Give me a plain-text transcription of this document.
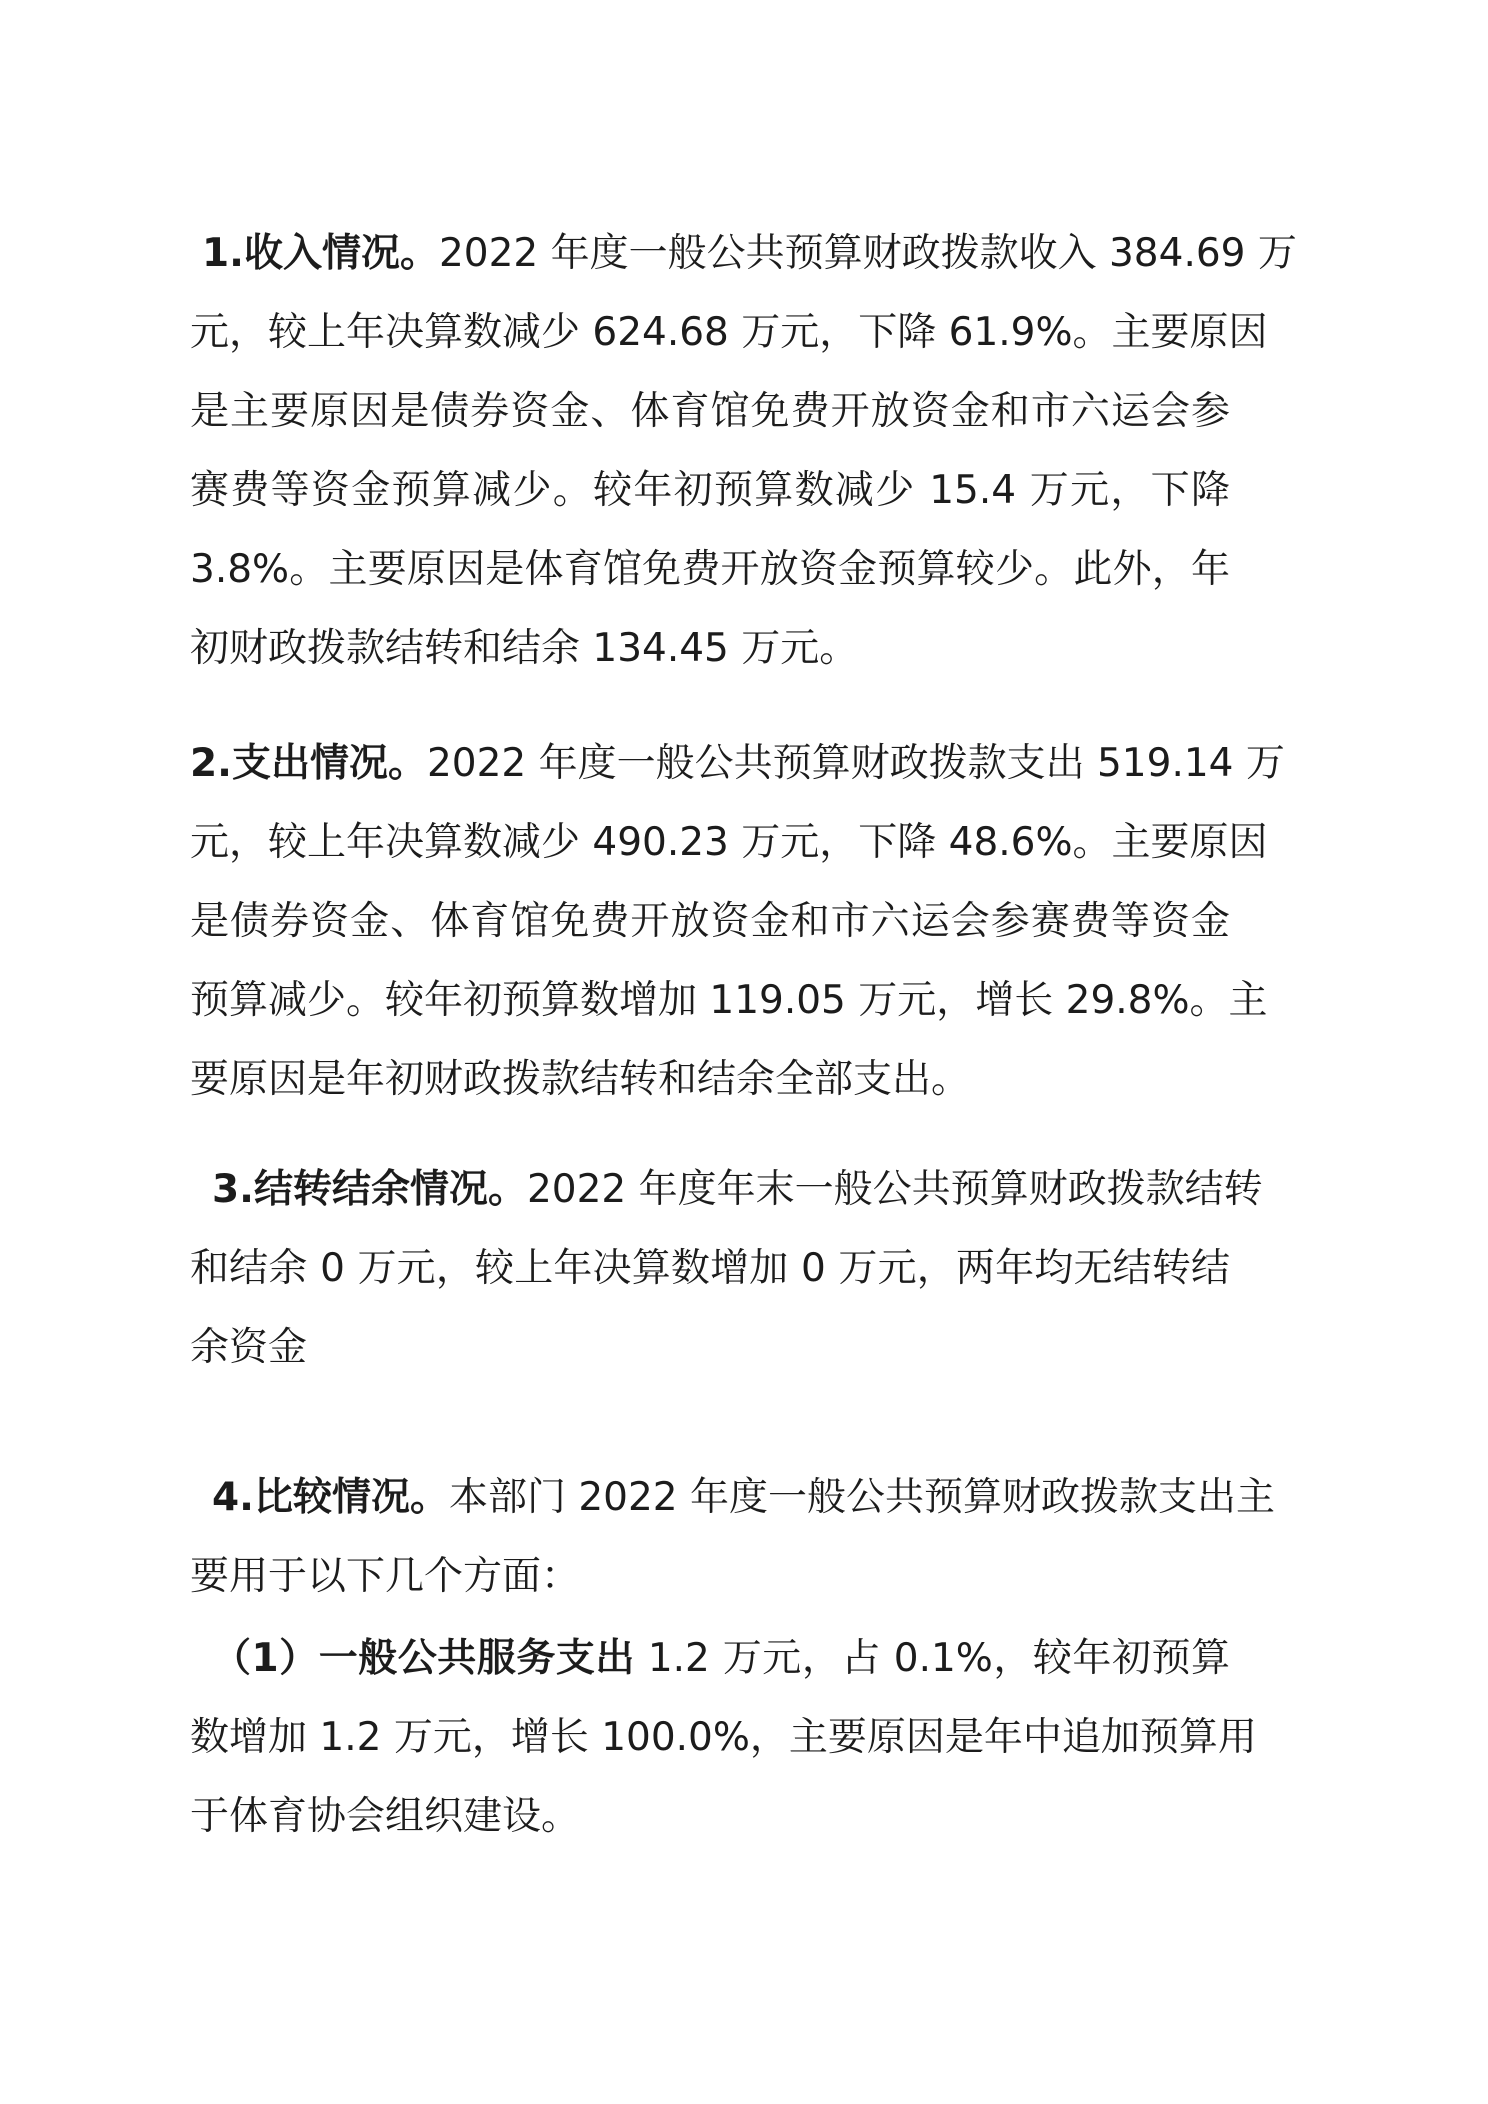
1.收入情况。2022 年度一般公共预算财政拨款收入 384.69 万
元，较上年决算数减少 624.68 万元，下降 61.9%。主要原因
是主要原因是债券资金、体育馆免费开放资金和市六运会参
赛费等资金预算减少。较年初预算数减少 15.4 万元，下降
3.8%。主要原因是体育馆免费开放资金预算较少。此外，年
初财政拨款结转和结余 134.45 万元。
2.支出情况。2022 年度一般公共预算财政拨款支出 519.14 万
元，较上年决算数减少 490.23 万元，下降 48.6%。主要原因
是债券资金、体育馆免费开放资金和市六运会参赛费等资金
预算减少。较年初预算数增加 119.05 万元，增长 29.8%。主
要原因是年初财政拨款结转和结余全部支出。
3.结转结余情况。2022 年度年末一般公共预算财政拨款结转
和结余 0 万元，较上年决算数增加 0 万元，两年均无结转结
余资金
4.比较情况。本部门 2022 年度一般公共预算财政拨款支出主
要用于以下几个方面：
（1）一般公共服务支出 1.2 万元，占 0.1%，较年初预算
数增加 1.2 万元，增长 100.0%，主要原因是年中追加预算用
于体育协会组织建设。
